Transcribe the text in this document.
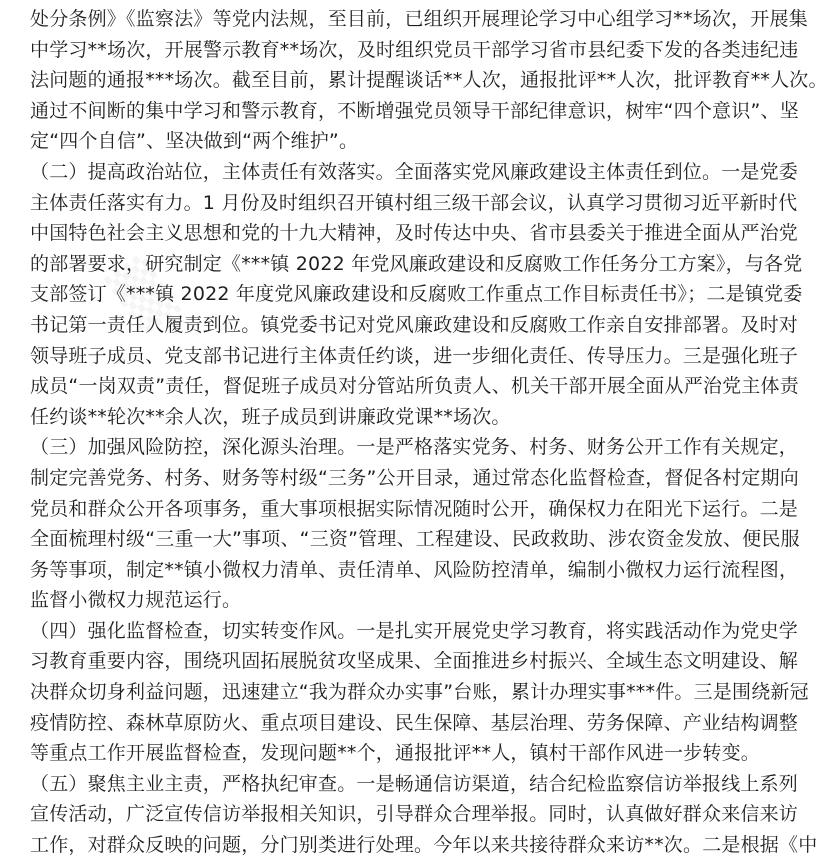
▒
处分条例》《监察法》等党内法规，至目前，已组织开展理论学习中心组学习**场次，开展集
中学习**场次，开展警示教育**场次，及时组织党员干部学习省市县纪委下发的各类违纪违
法问题的通报***场次。截至目前，累计提醒谈话**人次，通报批评**人次，批评教育**人次。
通过不间断的集中学习和警示教育，不断增强党员领导干部纪律意识，树牢“四个意识”、坚
定“四个自信”、坚决做到“两个维护”。
（二）提高政治站位，主体责任有效落实。全面落实党风廉政建设主体责任到位。一是党委
主体责任落实有力。1 月份及时组织召开镇村组三级干部会议，认真学习贯彻习近平新时代
中国特色社会主义思想和党的十九大精神，及时传达中央、省市县委关于推进全面从严治党
的部署要求，研究制定《***镇 2022 年党风廉政建设和反腐败工作任务分工方案》，与各党
支部签订《***镇 2022 年度党风廉政建设和反腐败工作重点工作目标责任书》；二是镇党委
书记第一责任人履责到位。镇党委书记对党风廉政建设和反腐败工作亲自安排部署。及时对
领导班子成员、党支部书记进行主体责任约谈，进一步细化责任、传导压力。三是强化班子
成员“一岗双责”责任，督促班子成员对分管站所负责人、机关干部开展全面从严治党主体责
任约谈**轮次**余人次，班子成员到讲廉政党课**场次。
（三）加强风险防控，深化源头治理。一是严格落实党务、村务、财务公开工作有关规定，
制定完善党务、村务、财务等村级“三务”公开目录，通过常态化监督检查，督促各村定期向
党员和群众公开各项事务，重大事项根据实际情况随时公开，确保权力在阳光下运行。二是
全面梳理村级“三重一大”事项、“三资”管理、工程建设、民政救助、涉农资金发放、便民服
务等事项，制定**镇小微权力清单、责任清单、风险防控清单，编制小微权力运行流程图，
监督小微权力规范运行。
（四）强化监督检查，切实转变作风。一是扎实开展党史学习教育，将实践活动作为党史学
习教育重要内容，围绕巩固拓展脱贫攻坚成果、全面推进乡村振兴、全域生态文明建设、解
决群众切身利益问题，迅速建立“我为群众办实事”台账，累计办理实事***件。三是围绕新冠
疫情防控、森林草原防火、重点项目建设、民生保障、基层治理、劳务保障、产业结构调整
等重点工作开展监督检查，发现问题**个，通报批评**人，镇村干部作风进一步转变。
（五）聚焦主业主责，严格执纪审查。一是畅通信访渠道，结合纪检监察信访举报线上系列
宣传活动，广泛宣传信访举报相关知识，引导群众合理举报。同时，认真做好群众来信来访
工作，对群众反映的问题，分门别类进行处理。今年以来共接待群众来访**次。二是根据《中
